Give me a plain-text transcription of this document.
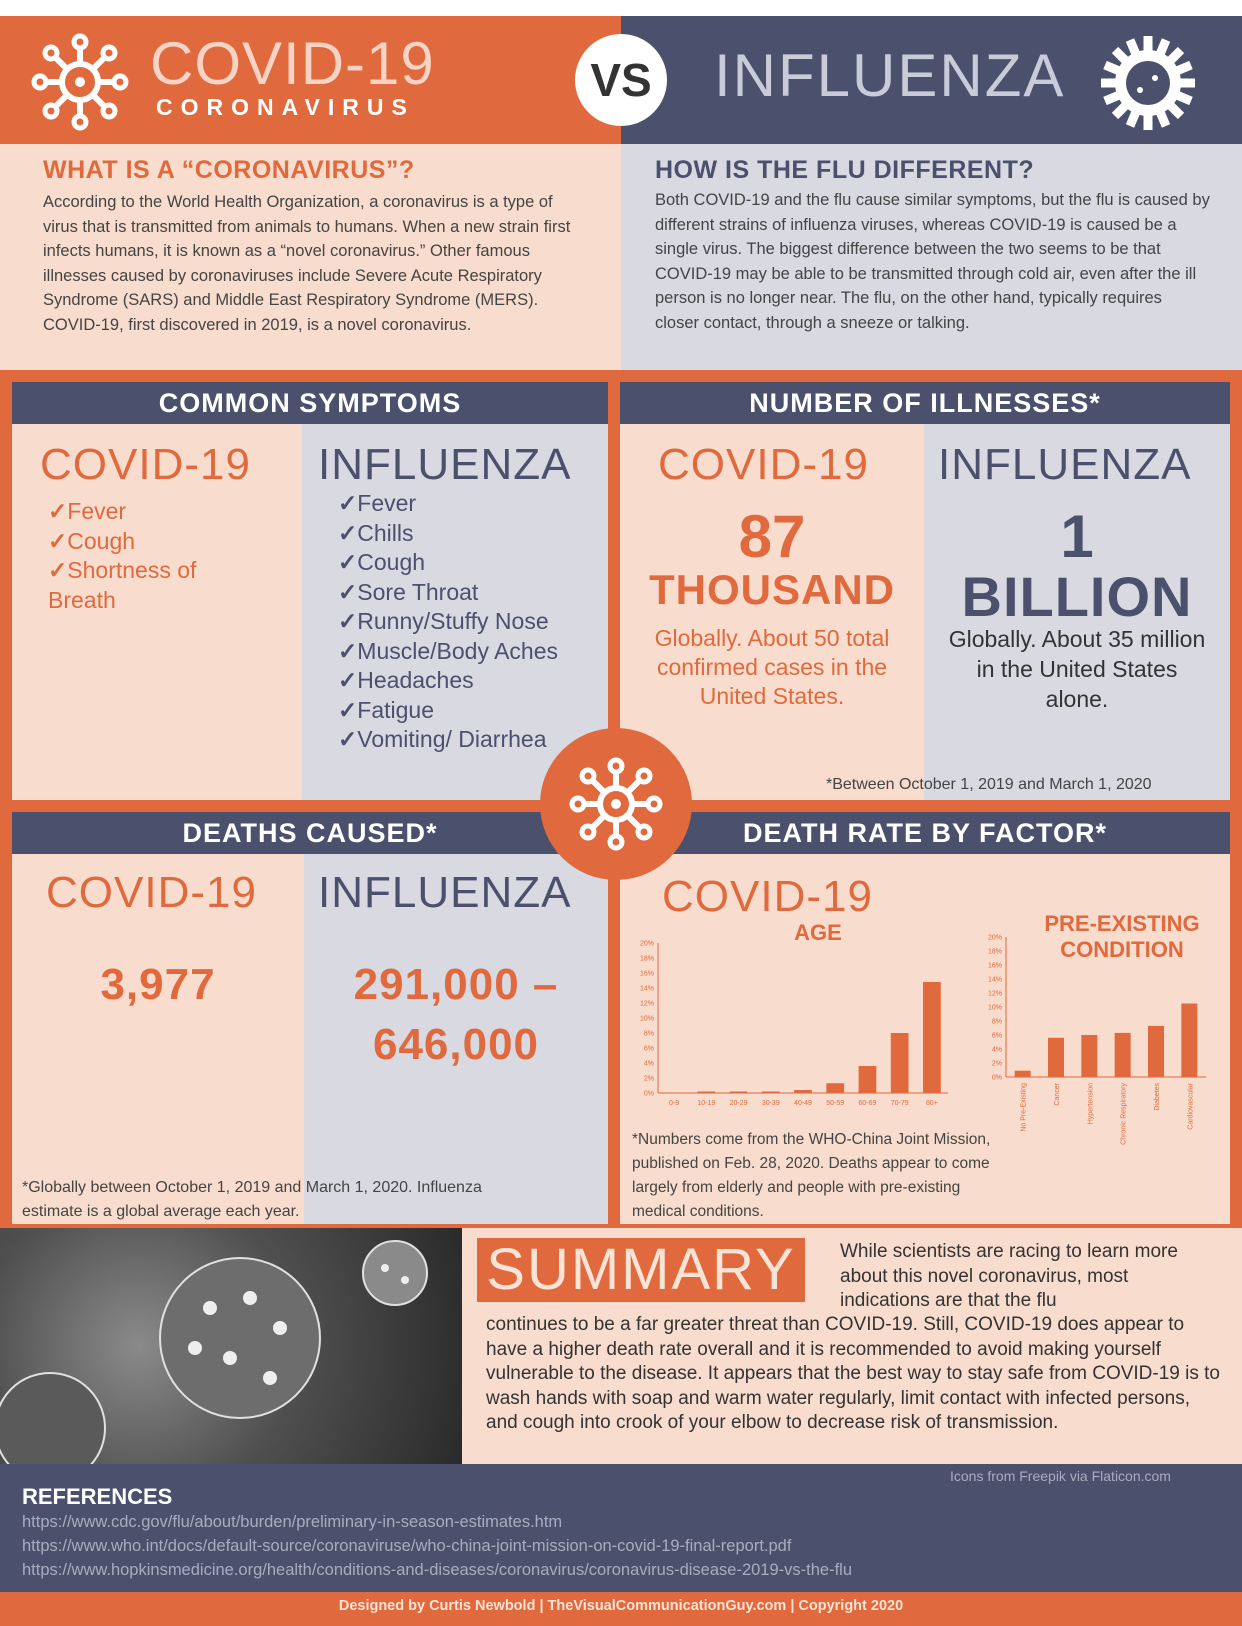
COVID-19
CORONAVIRUS
VS INFLUENZA
WHAT IS A “CORONAVIRUS”?
According to the World Health Organization, a coronavirus is a type of virus that is transmitted from animals to humans. When a new strain first infects humans, it is known as a “novel coronavirus.” Other famous illnesses caused by coronaviruses include Severe Acute Respiratory Syndrome (SARS) and Middle East Respiratory Syndrome (MERS). COVID-19, first discovered in 2019, is a novel coronavirus.
HOW IS THE FLU DIFFERENT?
Both COVID-19 and the flu cause similar symptoms, but the flu is caused by different strains of influenza viruses, whereas COVID-19 is caused be a single virus. The biggest difference between the two seems to be that COVID-19 may be able to be transmitted through cold air, even after the ill person is no longer near. The flu, on the other hand, typically requires closer contact, through a sneeze or talking.
COMMON SYMPTOMS
COVID-19
✓ Fever
✓ Cough
✓ Shortness of Breath
INFLUENZA
✓ Fever
✓ Chills
✓ Cough
✓ Sore Throat
✓ Runny/Stuffy Nose
✓ Muscle/Body Aches
✓ Headaches
✓ Fatigue
✓ Vomiting/ Diarrhea
NUMBER OF ILLNESSES*
COVID-19
87
THOUSAND
Globally. About 50 total confirmed cases in the United States.
INFLUENZA
1
BILLION
Globally. About 35 million in the United States alone.
*Between October 1, 2019 and March 1, 2020
DEATHS CAUSED*
COVID-19
3,977
INFLUENZA
291,000 –
646,000
*Globally between October 1, 2019 and March 1, 2020. Influenza estimate is a global average each year.
DEATH RATE BY FACTOR*
COVID-19
AGE
0%
2%
4%
6%
8%
10%
12%
14%
16%
18%
20%
0-9	10-19 20-29 30-39 40-49 50-59 60-69 70-79 80+
PRE-EXISTING
CONDITION
0%
2%
4%
6%
8%
10%
12%
14%
16%
18%
20%
No Pre-Existing	Cancer	Hypertension	Chronic Respiratory	Diabetes	Cardiovascular
*Numbers come from the WHO-China Joint Mission, published on Feb. 28, 2020. Deaths appear to come largely from elderly and people with pre-existing medical conditions.
SUMMARY	While scientists are racing to learn more about this novel coronavirus, most indications are that the flu
continues to be a far greater threat than COVID-19. Still, COVID-19 does appear to have a higher death rate overall and it is recommended to avoid making yourself vulnerable to the disease. It appears that the best way to stay safe from COVID-19 is to wash hands with soap and warm water regularly, limit contact with infected persons, and cough into crook of your elbow to decrease risk of transmission.
Icons from Freepik via Flaticon.com
REFERENCES
https://www.cdc.gov/flu/about/burden/preliminary-in-season-estimates.htm
https://www.who.int/docs/default-source/coronaviruse/who-china-joint-mission-on-covid-19-final-report.pdf
https://www.hopkinsmedicine.org/health/conditions-and-diseases/coronavirus/coronavirus-disease-2019-vs-the-flu
Designed by Curtis Newbold | TheVisualCommunicationGuy.com | Copyright 2020
